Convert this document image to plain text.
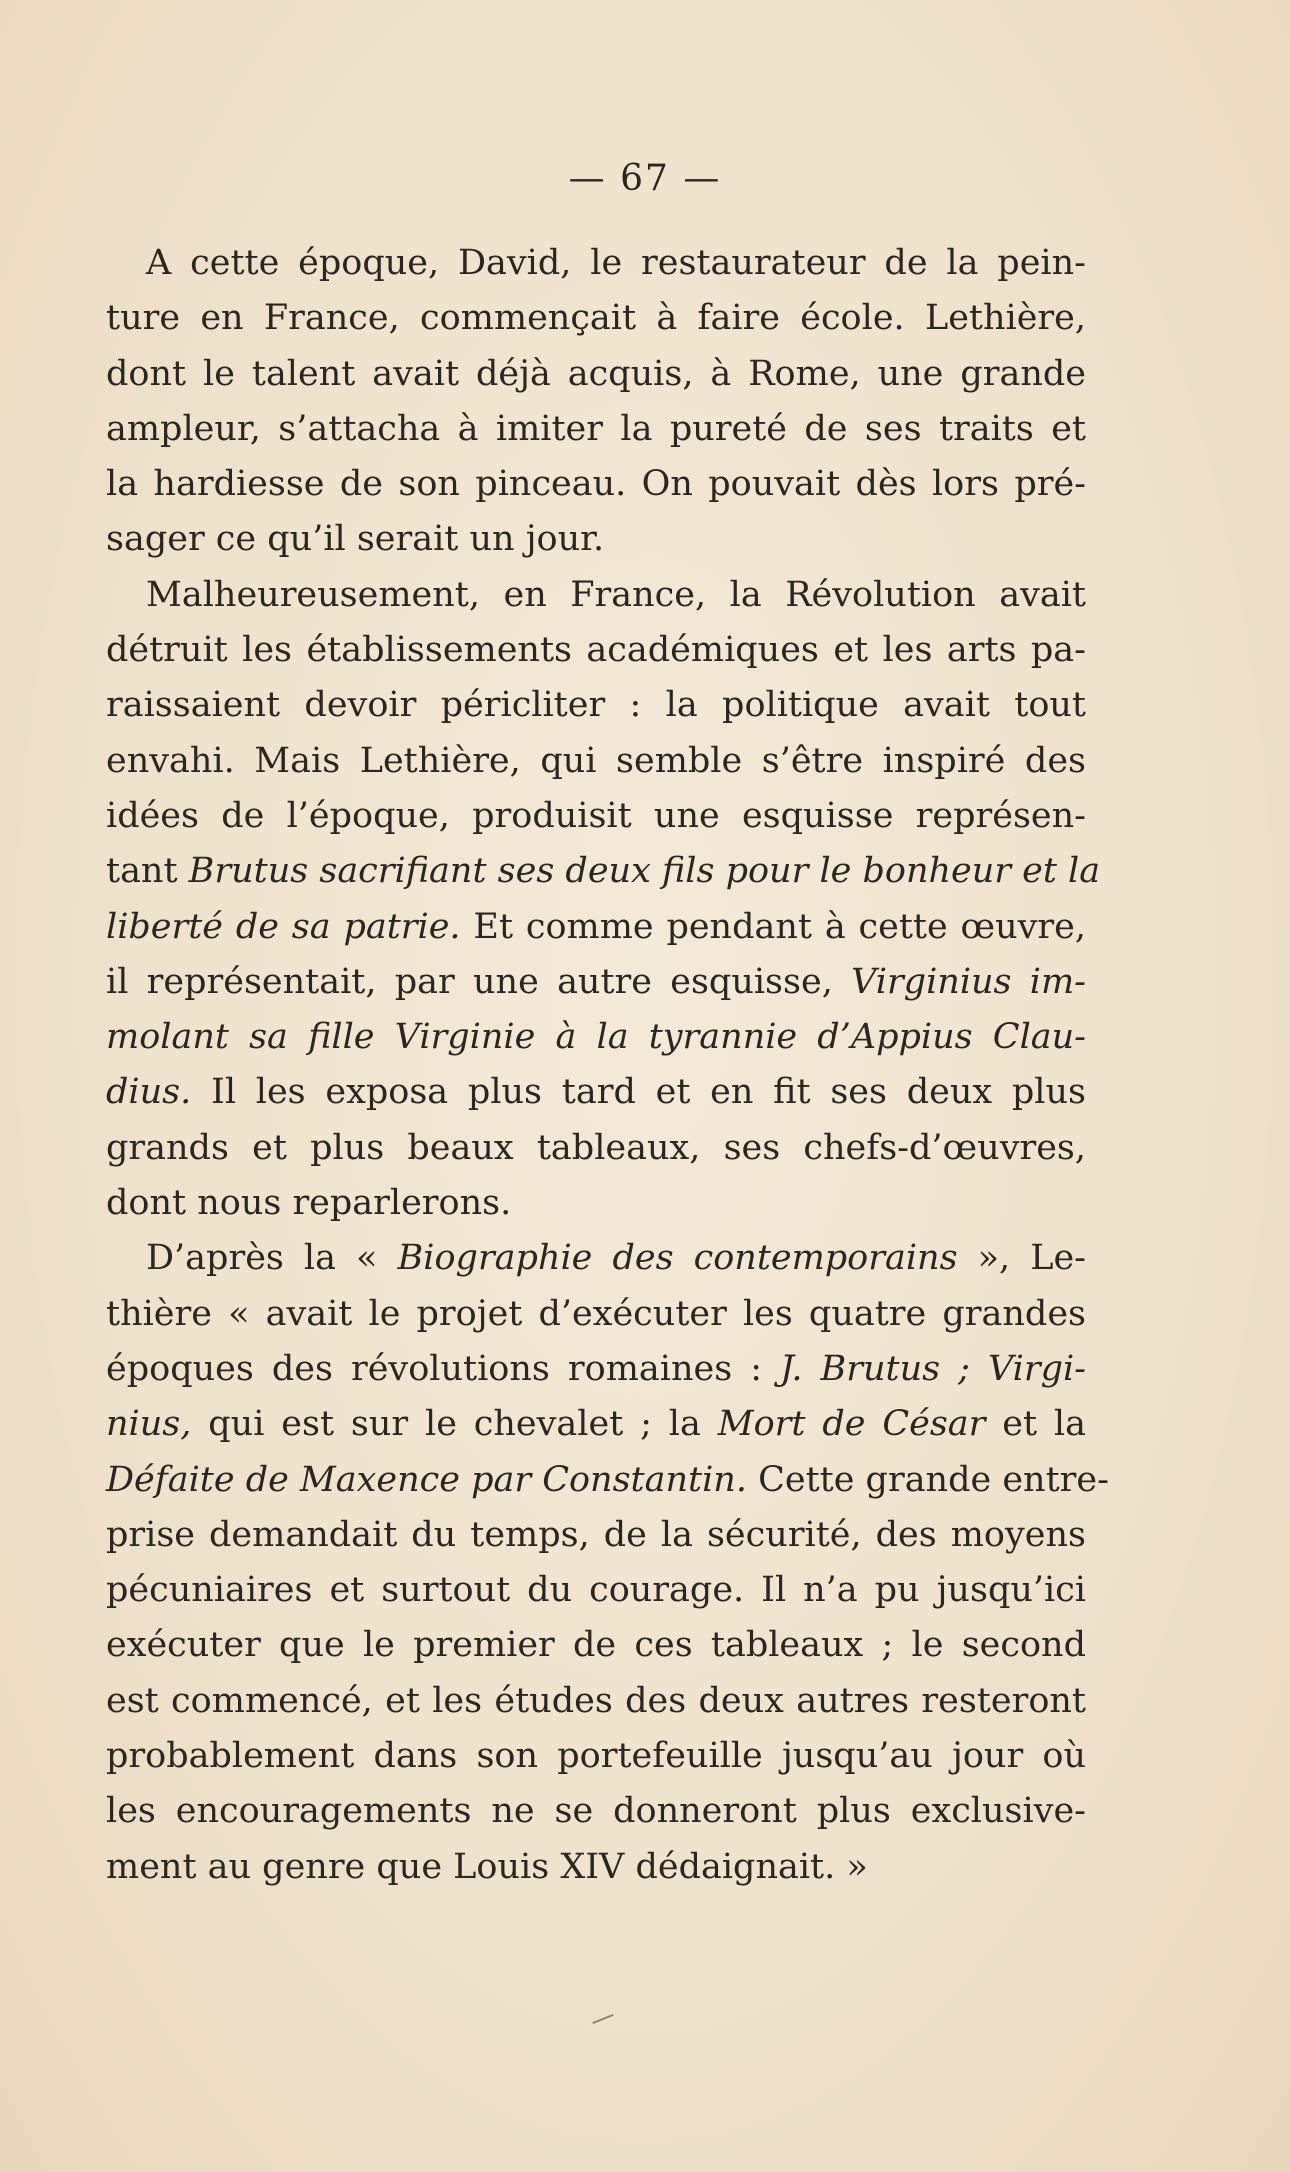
— 67 —
A cette époque, David, le restaurateur de la pein-
ture en France, commençait à faire école. Lethière,
dont le talent avait déjà acquis, à Rome, une grande
ampleur, s’attacha à imiter la pureté de ses traits et
la hardiesse de son pinceau. On pouvait dès lors pré-
sager ce qu’il serait un jour.
Malheureusement, en France, la Révolution avait
détruit les établissements académiques et les arts pa-
raissaient devoir péricliter : la politique avait tout
envahi. Mais Lethière, qui semble s’être inspiré des
idées de l’époque, produisit une esquisse représen-
tant Brutus sacrifiant ses deux fils pour le bonheur et la
liberté de sa patrie. Et comme pendant à cette œuvre,
il représentait, par une autre esquisse, Virginius im-
molant sa fille Virginie à la tyrannie d’Appius Clau-
dius. Il les exposa plus tard et en fit ses deux plus
grands et plus beaux tableaux, ses chefs-d’œuvres,
dont nous reparlerons.
D’après la « Biographie des contemporains », Le-
thière « avait le projet d’exécuter les quatre grandes
époques des révolutions romaines : J. Brutus ; Virgi-
nius, qui est sur le chevalet ; la Mort de César et la
Défaite de Maxence par Constantin. Cette grande entre-
prise demandait du temps, de la sécurité, des moyens
pécuniaires et surtout du courage. Il n’a pu jusqu’ici
exécuter que le premier de ces tableaux ; le second
est commencé, et les études des deux autres resteront
probablement dans son portefeuille jusqu’au jour où
les encouragements ne se donneront plus exclusive-
ment au genre que Louis XIV dédaignait. »
